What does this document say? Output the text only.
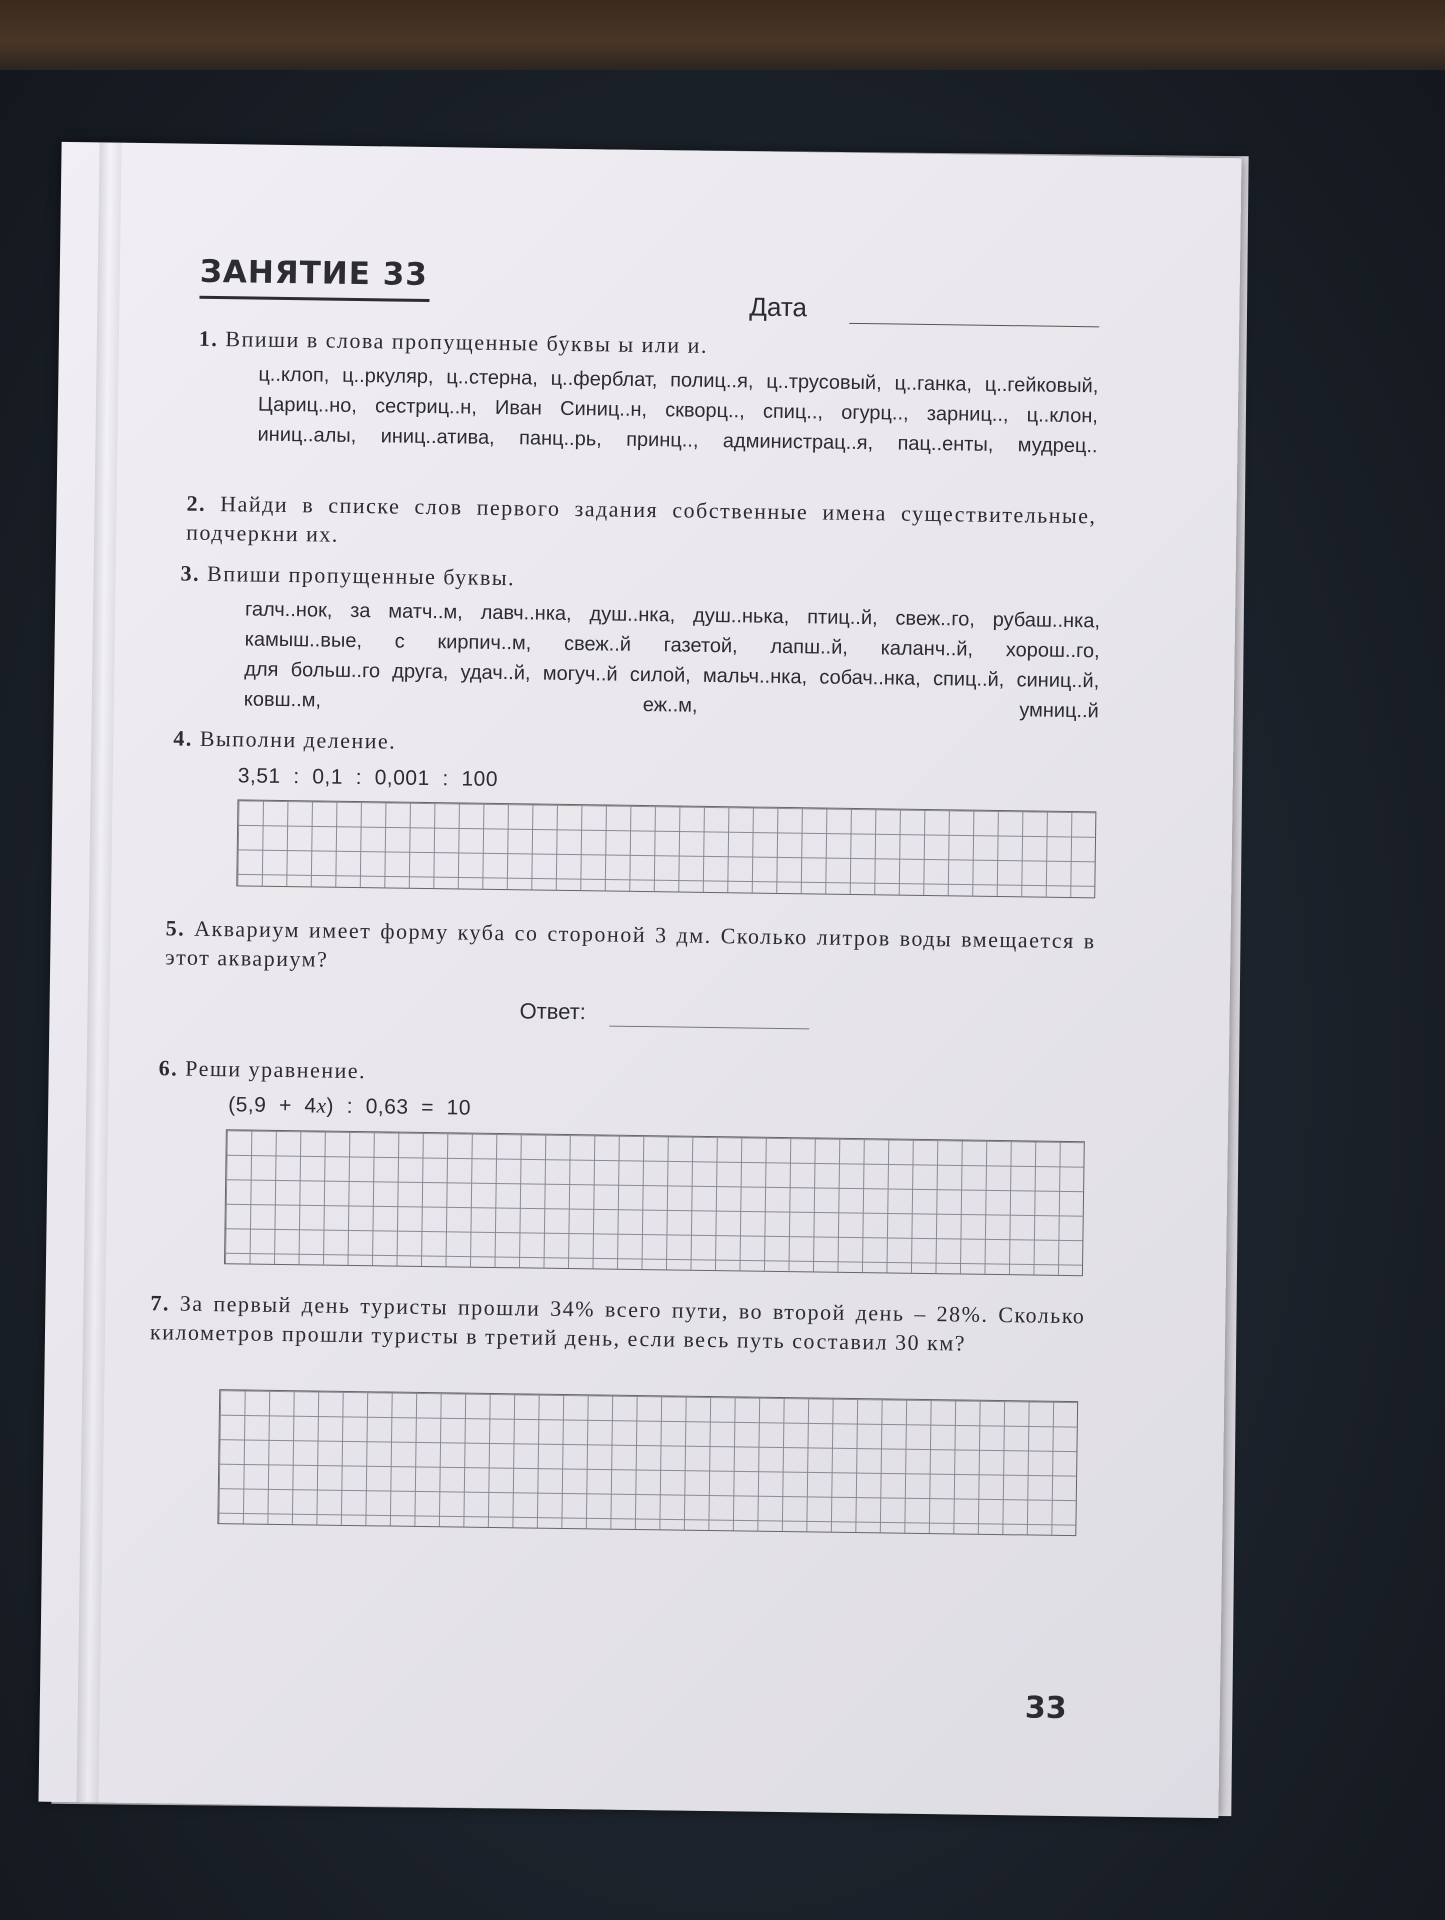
ЗАНЯТИЕ 33
Дата
1. Впиши в слова пропущенные буквы ы или и.
ц..клоп, ц..ркуляр, ц..стерна, ц..ферблат, полиц..я, ц..трусовый, ц..ганка, ц..гейковый, Цариц..но, сестриц..н, Иван Синиц..н, скворц.., спиц.., огурц.., зарниц.., ц..клон, иниц..алы, иниц..атива, панц..рь, принц.., администрац..я, пац..енты, мудрец..
2. Найди в списке слов первого задания собственные имена существительные, подчеркни их.
3. Впиши пропущенные буквы.
галч..нок, за матч..м, лавч..нка, душ..нка, душ..нька, птиц..й, свеж..го, рубаш..нка, камыш..вые, с кирпич..м, свеж..й газетой, лапш..й, каланч..й, хорош..го, для больш..го друга, удач..й, могуч..й силой, мальч..нка, собач..нка, спиц..й, синиц..й, ковш..м,	еж..м,	умниц..й
4. Выполни деление.
3,51  :  0,1  :  0,001  :  100
5. Аквариум имеет форму куба со стороной 3 дм. Сколько литров воды вмещается в этот аквариум?
Ответ:
6. Реши уравнение.
(5,9  +  4x)  :  0,63  =  10
7. За первый день туристы прошли 34% всего пути, во второй день – 28%. Сколько километров прошли туристы в третий день, если весь путь составил 30 км?
33
